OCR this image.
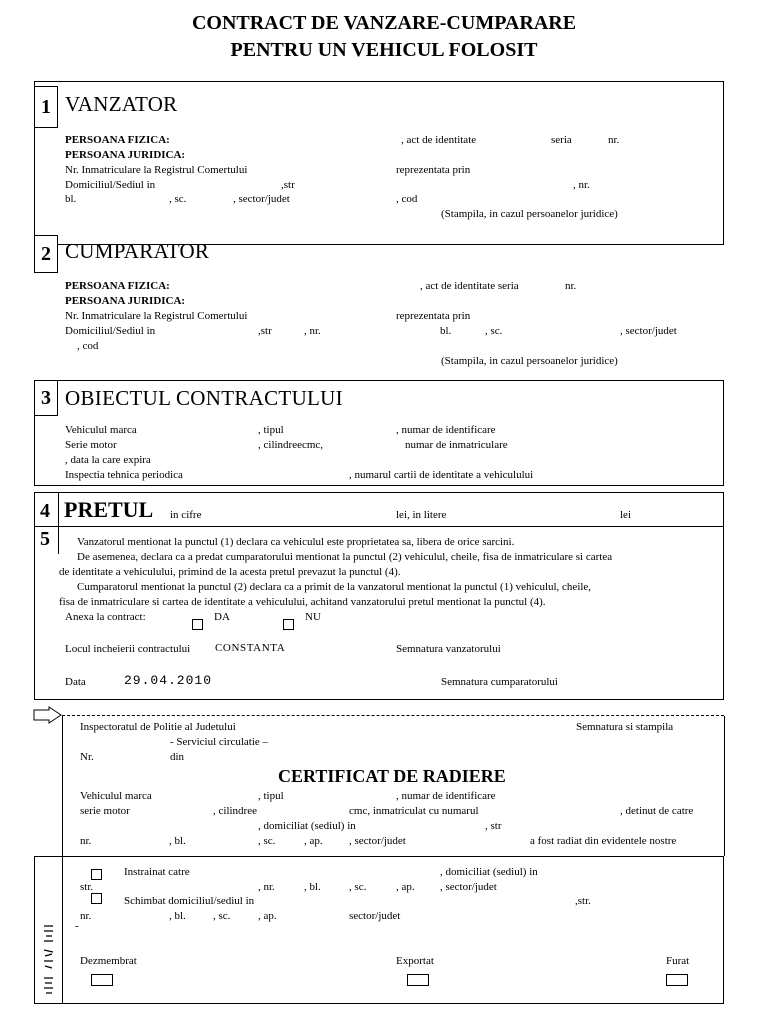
CONTRACT DE VANZARE-CUMPARARE
PENTRU UN VEHICUL FOLOSIT
1 VANZATOR
PERSOANA FIZICA:	, act de identitate	seria	nr.
PERSOANA JURIDICA:
Nr. Inmatriculare la Registrul Comertului	reprezentata prin
Domiciliul/Sediul in	,str	, nr.
bl.	, sc.	, sector/judet	, cod
(Stampila, in cazul persoanelor juridice)
2 CUMPARATOR
PERSOANA FIZICA:	, act de identitate seria	nr.
PERSOANA JURIDICA:
Nr. Inmatriculare la Registrul Comertului	reprezentata prin
Domiciliul/Sediul in	,str	, nr.	bl.	, sc.	, sector/judet
, cod
(Stampila, in cazul persoanelor juridice)
3 OBIECTUL CONTRACTULUI
Vehiculul marca	, tipul	, numar de identificare
Serie motor	, cilindreecmc,	numar de inmatriculare
, data la care expira
Inspectia tehnica periodica	, numarul cartii de identitate a vehiculului
4 PRETUL in cifre	lei, in litere	lei
5 Vanzatorul mentionat la punctul (1) declara ca vehiculul este proprietatea sa, libera de orice sarcini.
De asemenea, declara ca a predat cumparatorului mentionat la punctul (2) vehiculul, cheile, fisa de inmatriculare si cartea
de identitate a vehiculului, primind de la acesta pretul prevazut la punctul (4).
Cumparatorul mentionat la punctul (2) declara ca a primit de la vanzatorul mentionat la punctul (1) vehiculul, cheile,
fisa de inmatriculare si cartea de identitate a vehiculului, achitand vanzatorului pretul mentionat la punctul (4).
Anexa la contract:	DA	NU
Locul incheierii contractului CONSTANTA	Semnatura vanzatorului
Data	29.04.2010	Semnatura cumparatorului
Inspectoratul de Politie al Judetului	Semnatura si stampila
- Serviciul circulatie –
Nr.	din
CERTIFICAT DE RADIERE
Vehiculul marca	, tipul	, numar de identificare
serie motor	, cilindree	cmc, inmatriculat cu numarul	, detinut de catre
, domiciliat (sediul) in	, str
nr.	, bl.	, sc.	, ap. , sector/judet	a fost radiat din evidentele nostre
Instrainat catre	, domiciliat (sediul) in
str.	, nr.	, bl.	, sc.	, ap. , sector/judet
Schimbat domiciliul/sediul in	,str.
nr.	, bl. , sc.	, ap.	sector/judet
-
Dezmembrat	Exportat	Furat
